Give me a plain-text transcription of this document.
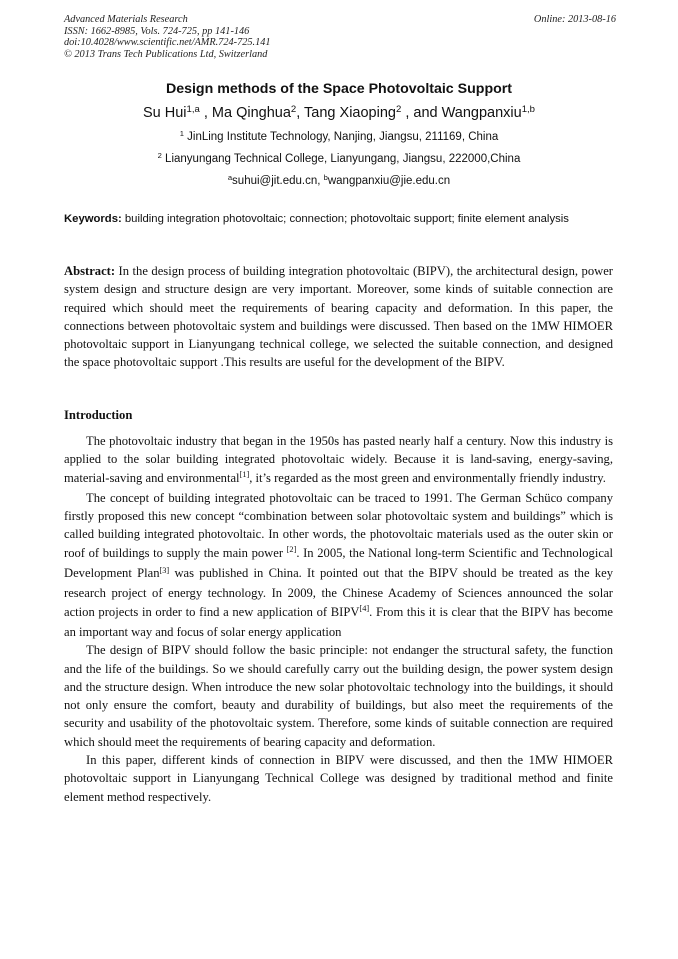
Advanced Materials Research
ISSN: 1662-8985, Vols. 724-725, pp 141-146
doi:10.4028/www.scientific.net/AMR.724-725.141
© 2013 Trans Tech Publications Ltd, Switzerland
Online: 2013-08-16
Design methods of the Space Photovoltaic Support
Su Hui$^{1,a}$ , Ma Qinghua$^2$, Tang Xiaoping$^2$ , and Wangpanxiu$^{1,b}$
$^1$ JinLing Institute Technology, Nanjing, Jiangsu, 211169, China
$^2$ Lianyungang Technical College, Lianyungang, Jiangsu, 222000,China
$^a$suhui@jit.edu.cn, $^b$wangpanxiu@jie.edu.cn
Keywords: building integration photovoltaic; connection; photovoltaic support; finite element analysis
Abstract: In the design process of building integration photovoltaic (BIPV), the architectural design, power system design and structure design are very important. Moreover, some kinds of suitable connection are required which should meet the requirements of bearing capacity and deformation. In this paper, the connections between photovoltaic system and buildings were discussed. Then based on the 1MW HIMOER photovoltaic support in Lianyungang technical college, we selected the suitable connection, and designed the space photovoltaic support .This results are useful for the development of the BIPV.
Introduction

The photovoltaic industry that began in the 1950s has pasted nearly half a century. Now this industry is applied to the solar building integrated photovoltaic widely. Because it is land-saving, energy-saving, material-saving and environmental[1], it’s regarded as the most green and environmentally friendly industry.

The concept of building integrated photovoltaic can be traced to 1991. The German Schüco company firstly proposed this new concept “combination between solar photovoltaic system and buildings” which is called building integrated photovoltaic. In other words, the photovoltaic materials used as the outer skin or roof of buildings to supply the main power [2]. In 2005, the National long-term Scientific and Technological Development Plan[3] was published in China. It pointed out that the BIPV should be treated as the key research project of energy technology. In 2009, the Chinese Academy of Sciences announced the solar action projects in order to find a new application of BIPV[4]. From this it is clear that the BIPV has become an important way and focus of solar energy application

The design of BIPV should follow the basic principle: not endanger the structural safety, the function and the life of the buildings. So we should carefully carry out the building design, the power system design and the structure design. When introduce the new solar photovoltaic technology into the buildings, it should not only ensure the comfort, beauty and durability of buildings, but also meet the requirements of the security and usability of the photovoltaic system. Therefore, some kinds of suitable connection are required which should meet the requirements of bearing capacity and deformation.

In this paper, different kinds of connection in BIPV were discussed, and then the 1MW HIMOER photovoltaic support in Lianyungang Technical College was designed by traditional method and finite element method respectively.
